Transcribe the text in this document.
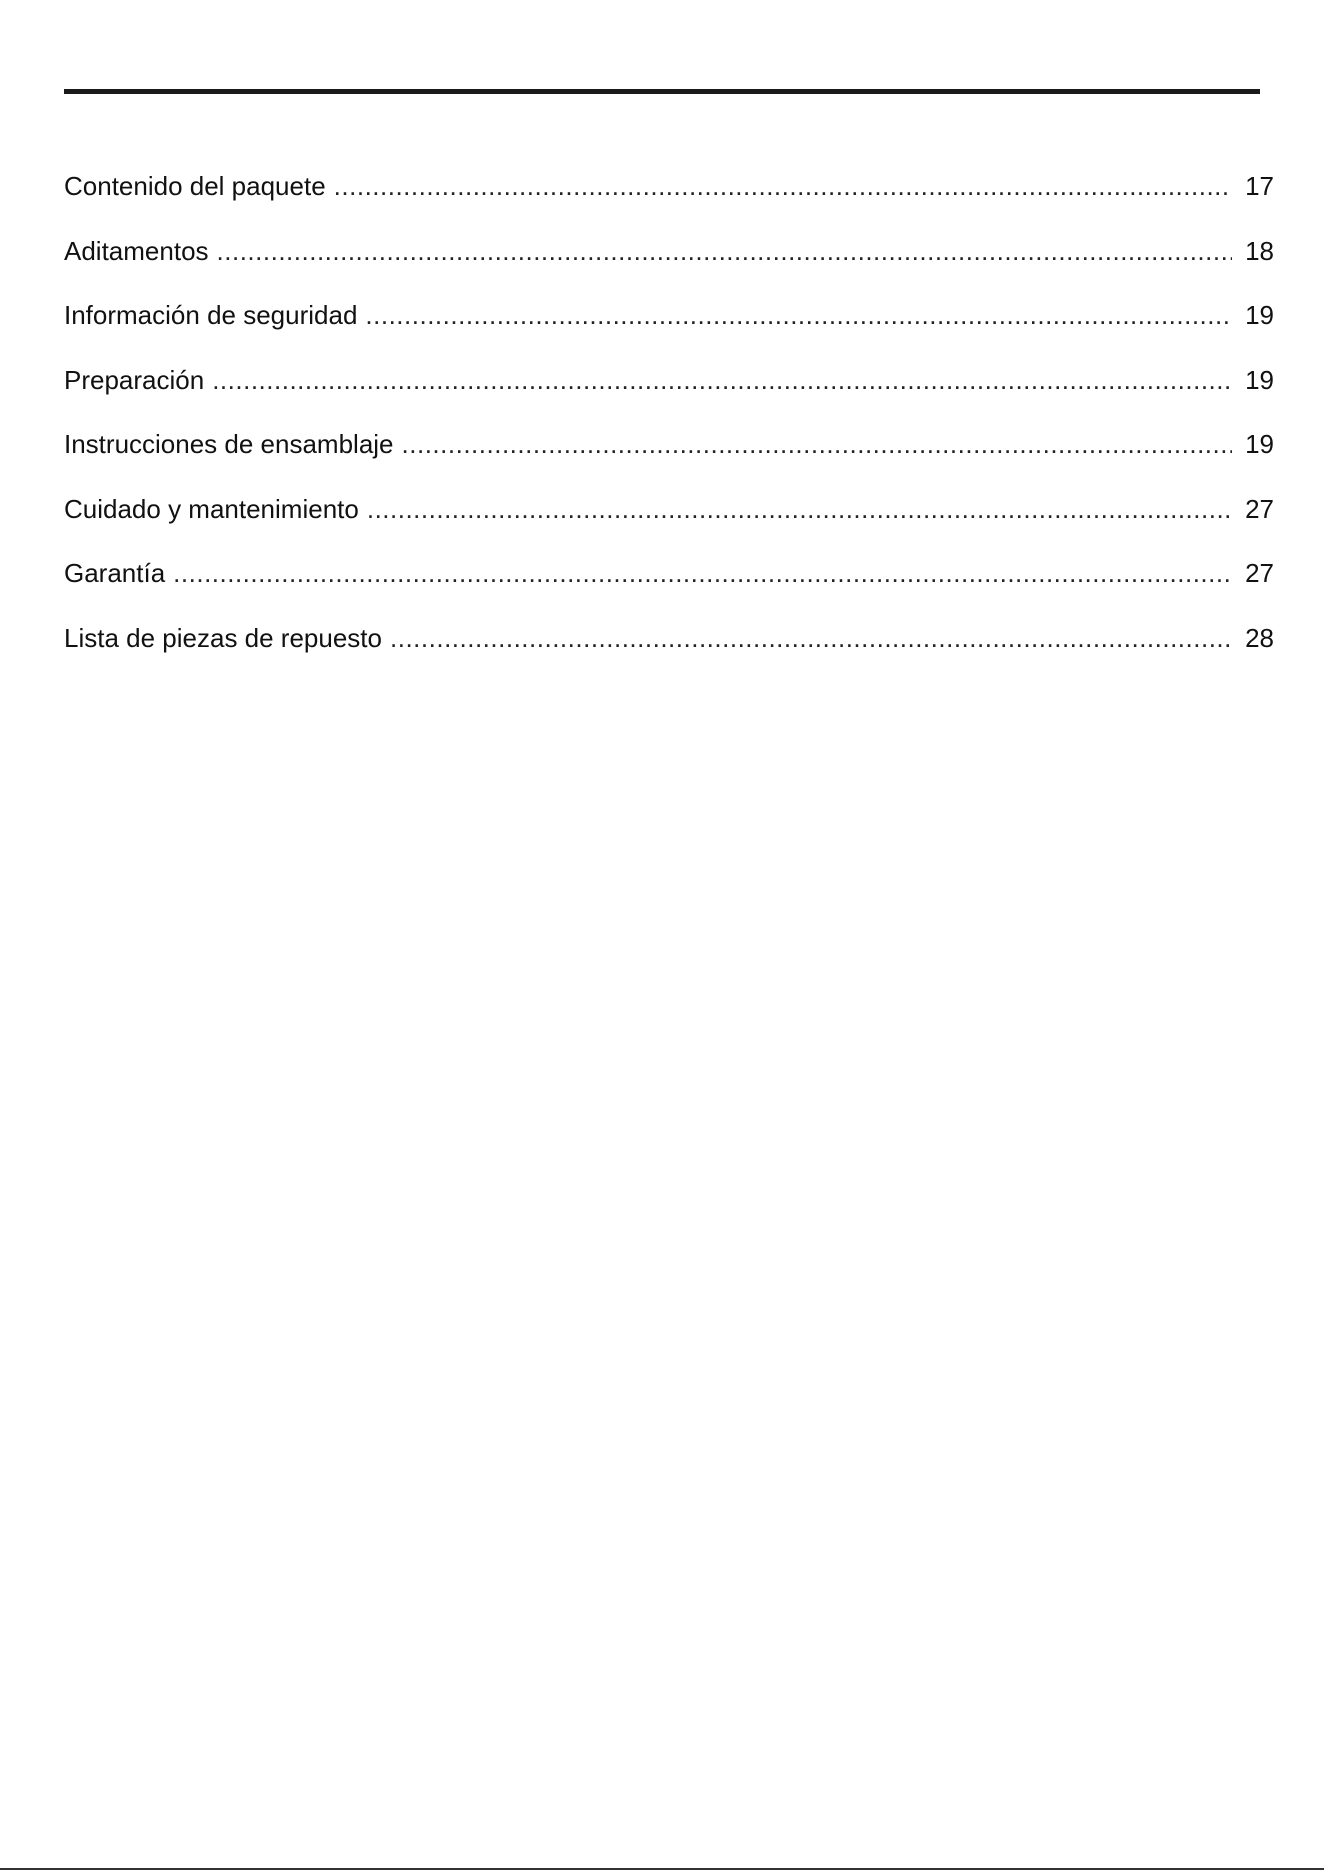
Contenido del paquete .....	17
Aditamentos .....	18
Información de seguridad .....	19
Preparación .....	19
Instrucciones de ensamblaje .....	19
Cuidado y mantenimiento .....	27
Garantía .....	27
Lista de piezas de repuesto .....	28
